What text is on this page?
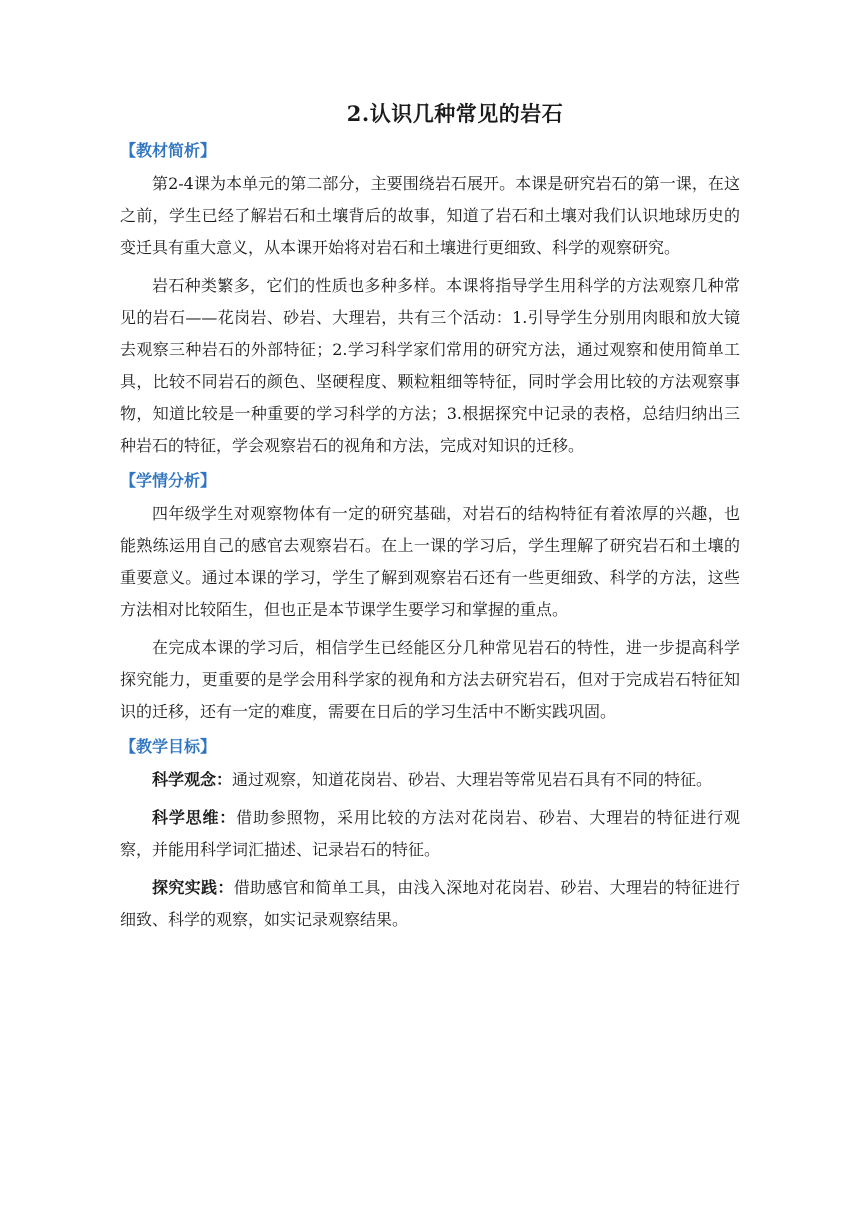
2.认识几种常见的岩石

【教材简析】

第2-4课为本单元的第二部分，主要围绕岩石展开。本课是研究岩石的第一课，在这之前，学生已经了解岩石和土壤背后的故事，知道了岩石和土壤对我们认识地球历史的变迁具有重大意义，从本课开始将对岩石和土壤进行更细致、科学的观察研究。

岩石种类繁多，它们的性质也多种多样。本课将指导学生用科学的方法观察几种常见的岩石——花岗岩、砂岩、大理岩，共有三个活动：1.引导学生分别用肉眼和放大镜去观察三种岩石的外部特征；2.学习科学家们常用的研究方法，通过观察和使用简单工具，比较不同岩石的颜色、坚硬程度、颗粒粗细等特征，同时学会用比较的方法观察事物，知道比较是一种重要的学习科学的方法；3.根据探究中记录的表格，总结归纳出三种岩石的特征，学会观察岩石的视角和方法，完成对知识的迁移。

【学情分析】

四年级学生对观察物体有一定的研究基础，对岩石的结构特征有着浓厚的兴趣，也能熟练运用自己的感官去观察岩石。在上一课的学习后，学生理解了研究岩石和土壤的重要意义。通过本课的学习，学生了解到观察岩石还有一些更细致、科学的方法，这些方法相对比较陌生，但也正是本节课学生要学习和掌握的重点。

在完成本课的学习后，相信学生已经能区分几种常见岩石的特性，进一步提高科学探究能力，更重要的是学会用科学家的视角和方法去研究岩石，但对于完成岩石特征知识的迁移，还有一定的难度，需要在日后的学习生活中不断实践巩固。

【教学目标】

科学观念：通过观察，知道花岗岩、砂岩、大理岩等常见岩石具有不同的特征。

科学思维：借助参照物，采用比较的方法对花岗岩、砂岩、大理岩的特征进行观察，并能用科学词汇描述、记录岩石的特征。

探究实践：借助感官和简单工具，由浅入深地对花岗岩、砂岩、大理岩的特征进行细致、科学的观察，如实记录观察结果。
